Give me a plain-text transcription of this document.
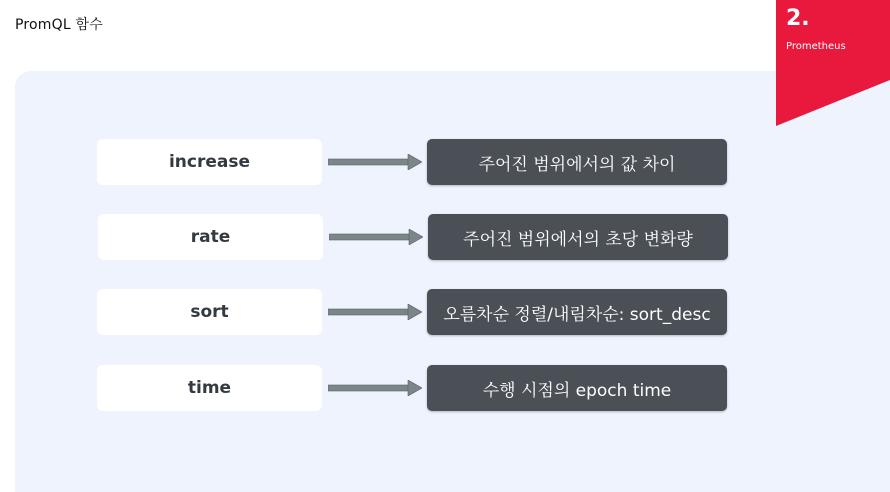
PromQL 함수	2.
Prometheus
increase	주어진 범위에서의 값 차이
rate	주어진 범위에서의 초당 변화량
sort	오름차순 정렬/내림차순: sort_desc
time	수행 시점의 epoch time
